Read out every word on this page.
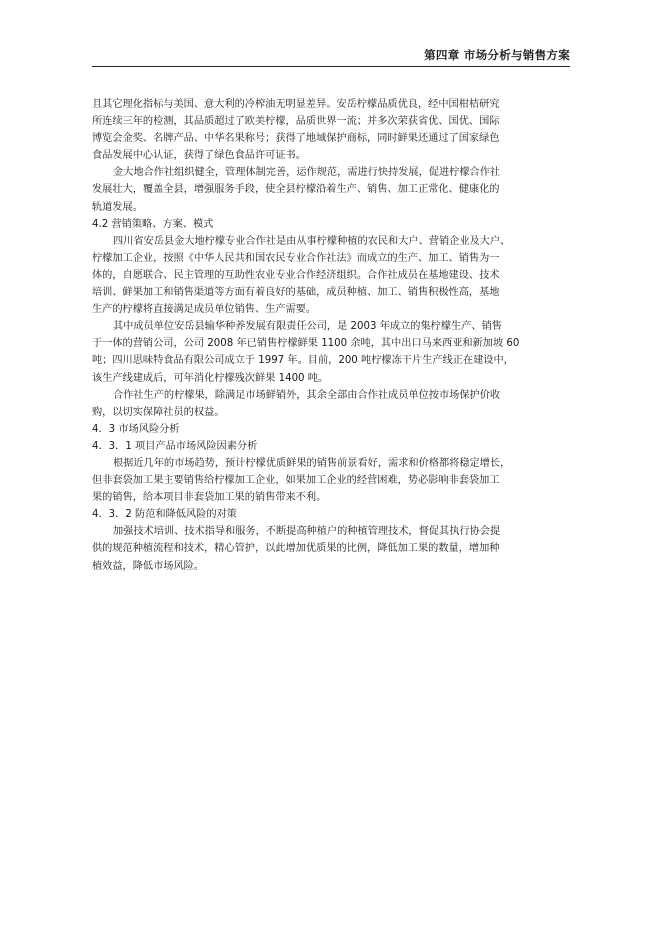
第四章 市场分析与销售方案
且其它理化指标与美国、意大利的冷榨油无明显差异。安岳柠檬品质优良，经中国柑桔研究
所连续三年的检测，其品质超过了欧美柠檬，品质世界一流；并多次荣获省优、国优、国际
博览会金奖、名牌产品、中华名果称号；获得了地域保护商标，同时鲜果还通过了国家绿色
食品发展中心认证，获得了绿色食品许可证书。
金大地合作社组织健全，管理体制完善，运作规范，需进行快持发展，促进柠檬合作社
发展壮大，覆盖全县，增强服务手段，使全县柠檬沿着生产、销售、加工正常化、健康化的
轨道发展。
4.2 营销策略、方案、模式
四川省安岳县金大地柠檬专业合作社是由从事柠檬种植的农民和大户、营销企业及大户、
柠檬加工企业，按照《中华人民共和国农民专业合作社法》而成立的生产、加工、销售为一
体的，自愿联合、民主管理的互助性农业专业合作经济组织。合作社成员在基地建设、技术
培训、鲜果加工和销售渠道等方面有着良好的基础，成员种植、加工、销售积极性高，基地
生产的柠檬将直接满足成员单位销售、生产需要。
其中成员单位安岳县输华种养发展有限责任公司，是 2003 年成立的集柠檬生产、销售
于一体的营销公司，公司 2008 年已销售柠檬鲜果 1100 余吨，其中出口马来西亚和新加坡 60
吨；四川思味特食品有限公司成立于 1997 年。目前，200 吨柠檬冻干片生产线正在建设中，
该生产线建成后，可年消化柠檬残次鲜果 1400 吨。
合作社生产的柠檬果，除满足市场鲜销外，其余全部由合作社成员单位按市场保护价收
购，以切实保障社员的权益。
4．3 市场风险分析
4．3．1 项目产品市场风险因素分析
根据近几年的市场趋势，预计柠檬优质鲜果的销售前景看好，需求和价格都将稳定增长，
但非套袋加工果主要销售给柠檬加工企业，如果加工企业的经营困难，势必影响非套袋加工
果的销售，给本项目非套袋加工果的销售带来不利。
4．3．2 防范和降低风险的对策
加强技术培训、技术指导和服务，不断提高种植户的种植管理技术，督促其执行协会提
供的规范种植流程和技术，精心管护，以此增加优质果的比例，降低加工果的数量，增加种
植效益，降低市场风险。
